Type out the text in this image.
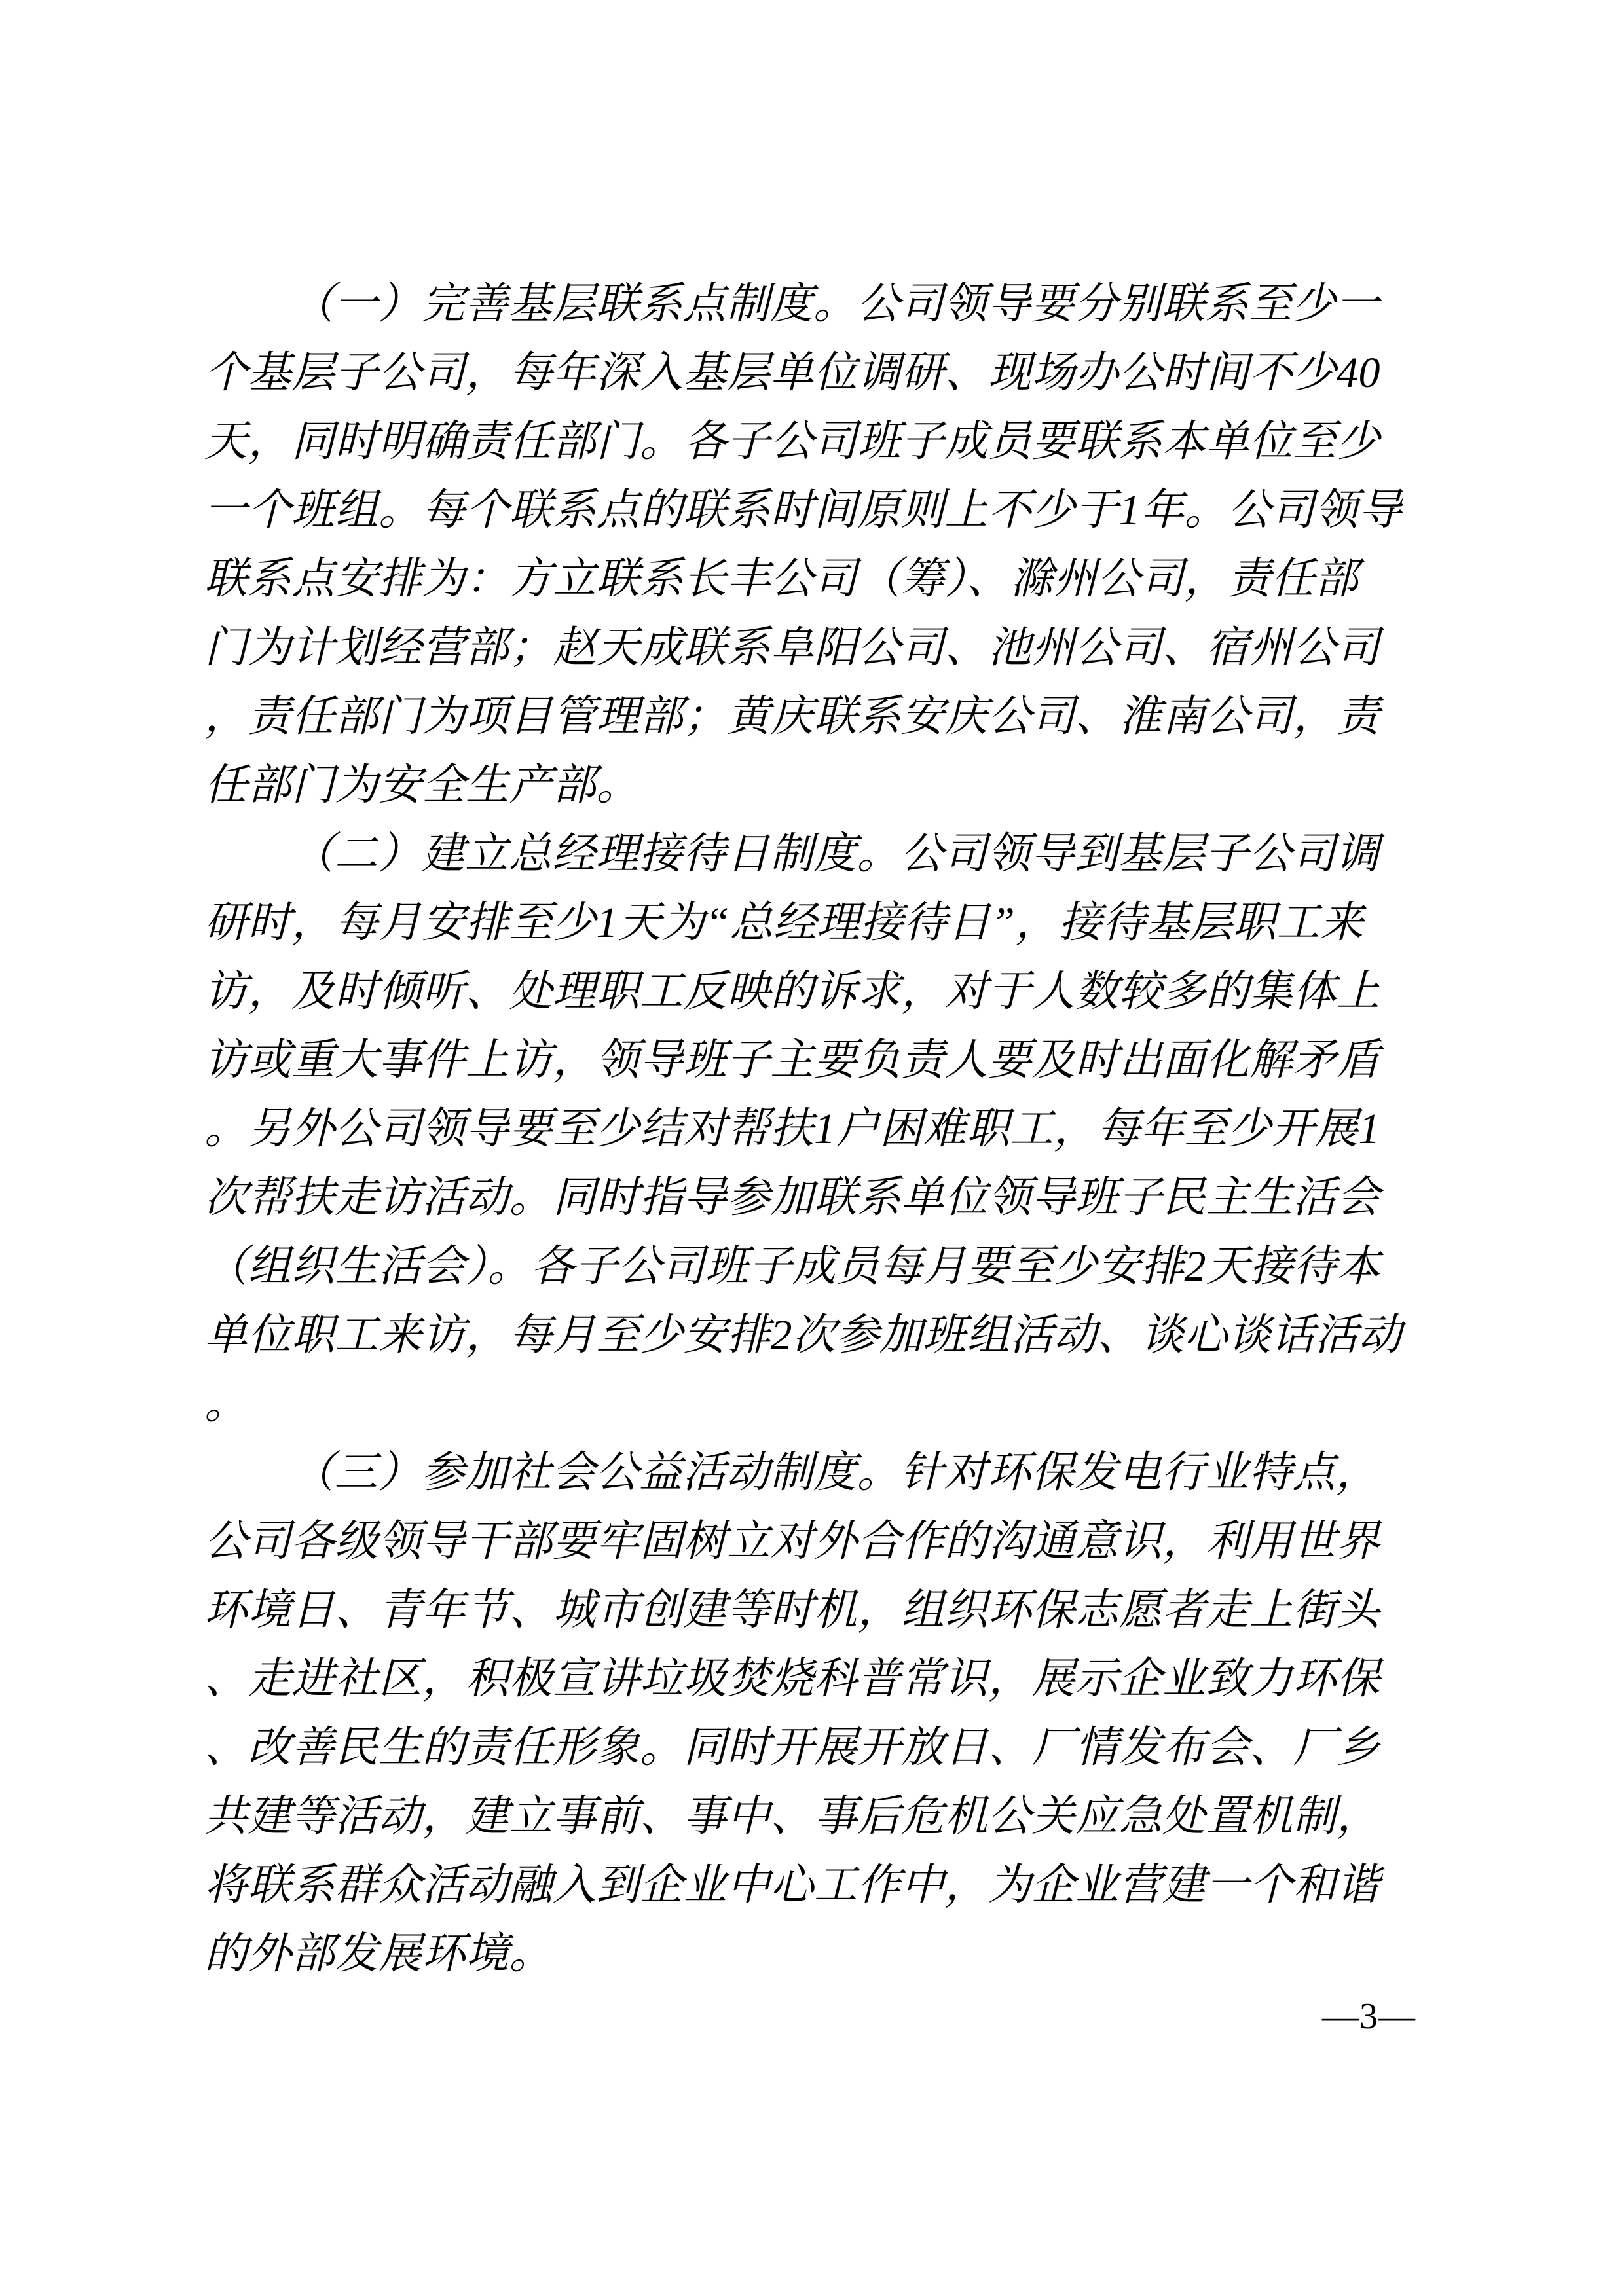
（一）完善基层联系点制度。公司领导要分别联系至少一
个基层子公司，每年深入基层单位调研、现场办公时间不少40
天，同时明确责任部门。各子公司班子成员要联系本单位至少
一个班组。每个联系点的联系时间原则上不少于1年。公司领导
联系点安排为：方立联系长丰公司（筹）、滁州公司，责任部
门为计划经营部；赵天成联系阜阳公司、池州公司、宿州公司
，责任部门为项目管理部；黄庆联系安庆公司、淮南公司，责
任部门为安全生产部。
（二）建立总经理接待日制度。公司领导到基层子公司调
研时，每月安排至少1天为“总经理接待日”，接待基层职工来
访，及时倾听、处理职工反映的诉求，对于人数较多的集体上
访或重大事件上访，领导班子主要负责人要及时出面化解矛盾
。另外公司领导要至少结对帮扶1户困难职工，每年至少开展1
次帮扶走访活动。同时指导参加联系单位领导班子民主生活会
（组织生活会）。各子公司班子成员每月要至少安排2天接待本
单位职工来访，每月至少安排2次参加班组活动、谈心谈话活动
。
（三）参加社会公益活动制度。针对环保发电行业特点，
公司各级领导干部要牢固树立对外合作的沟通意识，利用世界
环境日、青年节、城市创建等时机，组织环保志愿者走上街头
、走进社区，积极宣讲垃圾焚烧科普常识，展示企业致力环保
、改善民生的责任形象。同时开展开放日、厂情发布会、厂乡
共建等活动，建立事前、事中、事后危机公关应急处置机制，
将联系群众活动融入到企业中心工作中，为企业营建一个和谐
的外部发展环境。
—3—
